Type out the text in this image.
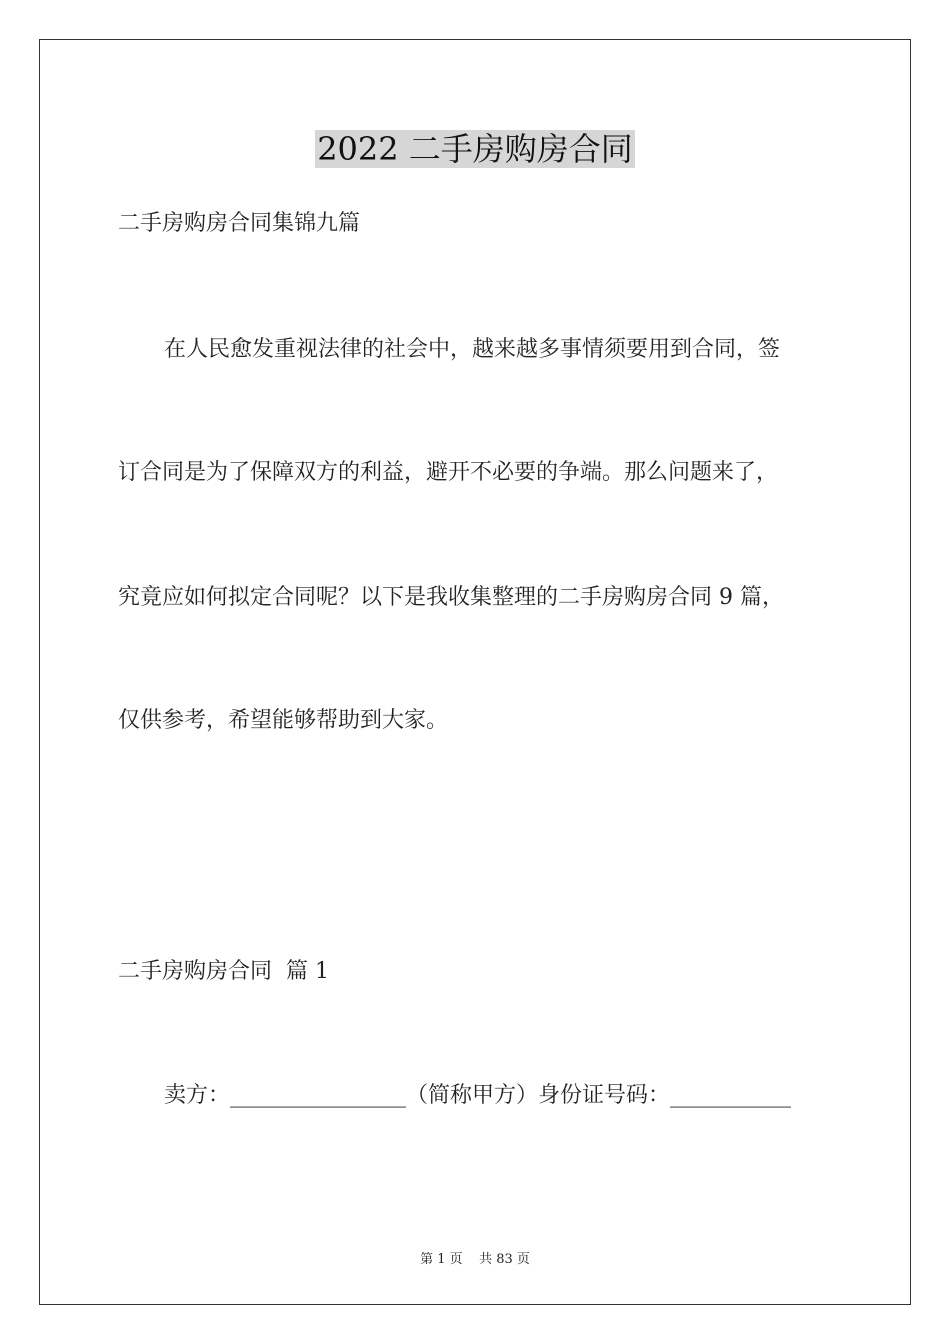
2022 二手房购房合同
二手房购房合同集锦九篇
在人民愈发重视法律的社会中，越来越多事情须要用到合同，签
订合同是为了保障双方的利益，避开不必要的争端。那么问题来了，
究竟应如何拟定合同呢？以下是我收集整理的二手房购房合同 9 篇，
仅供参考，希望能够帮助到大家。
二手房购房合同  篇 1
卖方：________________（简称甲方）身份证号码：___________
第 1 页    共 83 页
